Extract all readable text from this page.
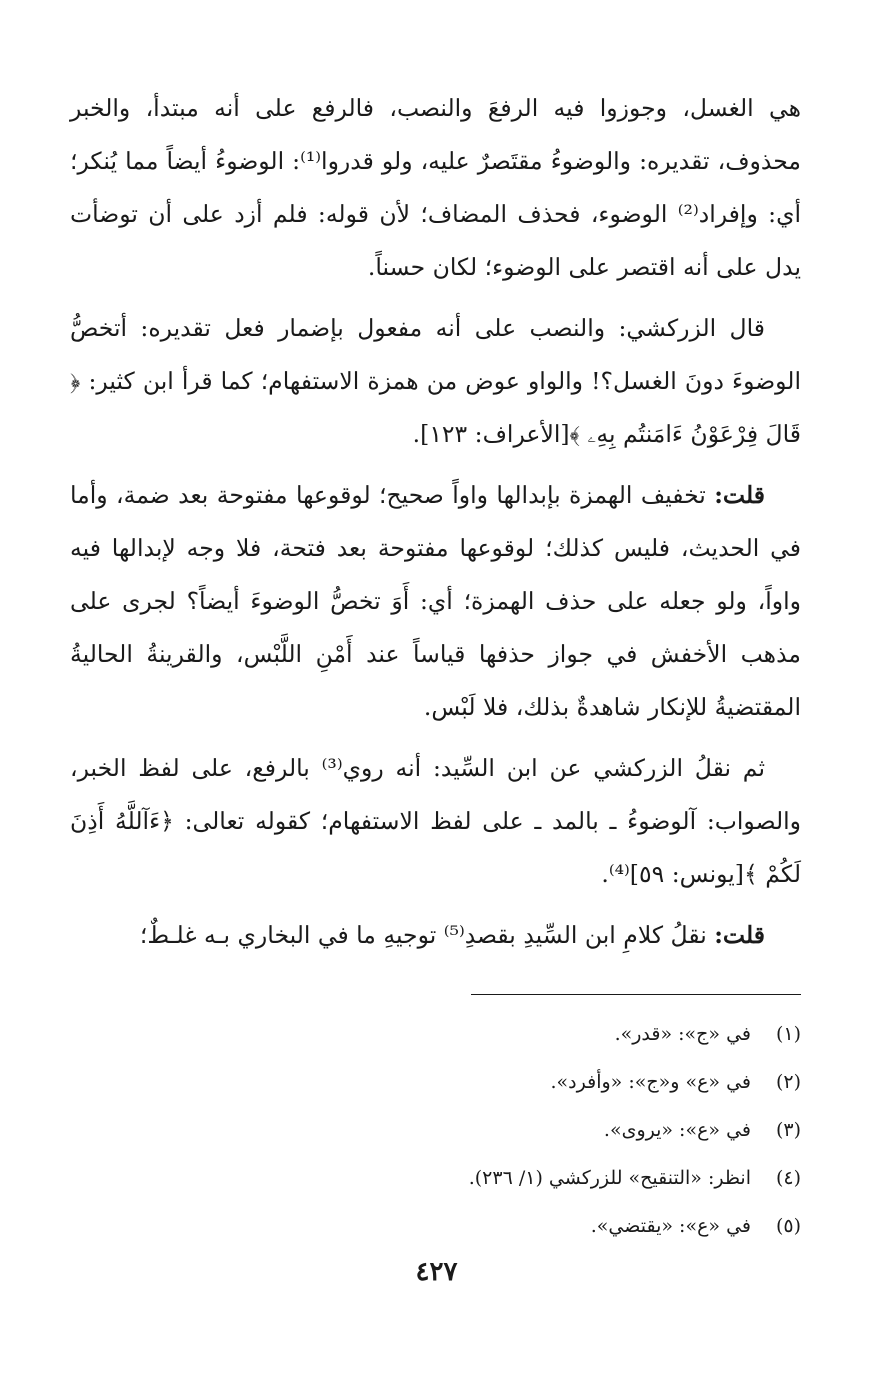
هي الغسل، وجوزوا فيه الرفعَ والنصب، فالرفع على أنه مبتدأ، والخبر محذوف، تقديره: والوضوءُ مقتَصرٌ عليه، ولو قدروا⁽¹⁾: الوضوءُ أيضاً مما يُنكر؛ أي: وإفراد⁽²⁾ الوضوء، فحذف المضاف؛ لأن قوله: فلم أزد على أن توضأت يدل على أنه اقتصر على الوضوء؛ لكان حسناً.

قال الزركشي: والنصب على أنه مفعول بإضمار فعل تقديره: أتخصُّ الوضوءَ دونَ الغسل؟! والواو عوض من همزة الاستفهام؛ كما قرأ ابن كثير: ﴿ قَالَ فِرْعَوْنُ ءَامَنتُم بِهِۦ ﴾[الأعراف: ١٢٣].

قلت: تخفيف الهمزة بإبدالها واواً صحيح؛ لوقوعها مفتوحة بعد ضمة، وأما في الحديث، فليس كذلك؛ لوقوعها مفتوحة بعد فتحة، فلا وجه لإبدالها فيه واواً، ولو جعله على حذف الهمزة؛ أي: أَوَ تخصُّ الوضوءَ أيضاً؟ لجرى على مذهب الأخفش في جواز حذفها قياساً عند أَمْنِ اللَّبْس، والقرينةُ الحاليةُ المقتضيةُ للإنكار شاهدةٌ بذلك، فلا لَبْس.

ثم نقلُ الزركشي عن ابن السِّيد: أنه روي⁽³⁾ بالرفع، على لفظ الخبر، والصواب: آلوضوءُ ـ بالمد ـ على لفظ الاستفهام؛ كقوله تعالى: ﴿ءَآللَّهُ أَذِنَ لَكُمْ ﴾[يونس: ٥٩]⁽⁴⁾.

قلت: نقلُ كلامِ ابن السِّيدِ بقصدِ⁽⁵⁾ توجيهِ ما في البخاري بـه غلـطٌ؛

(١)
في «ج»: «قدر».
(٢)
في «ع» و«ج»: «وأفرد».
(٣)
في «ع»: «يروى».
(٤)
انظر: «التنقيح» للزركشي (١/ ٢٣٦).
(٥)
في «ع»: «يقتضي».
٤٢٧
